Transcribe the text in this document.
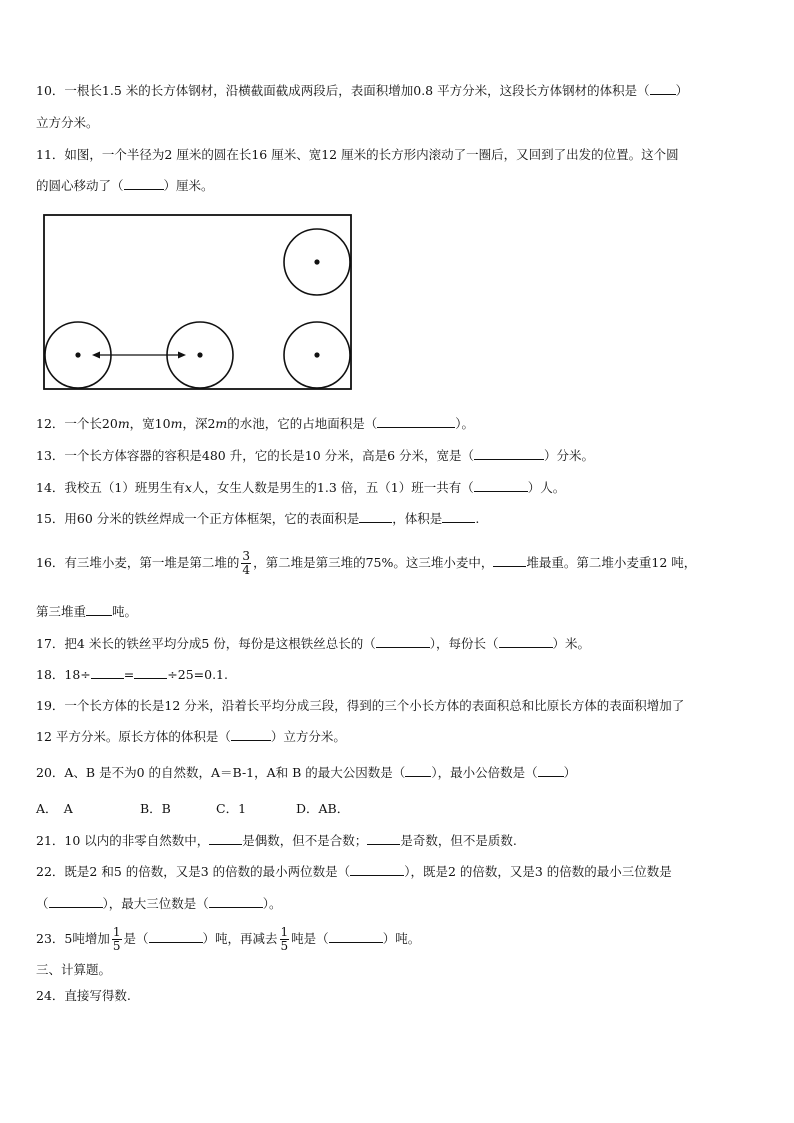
10．一根长1.5 米的长方体钢材，沿横截面截成两段后，表面积增加0.8 平方分米，这段长方体钢材的体积是（ ）
立方分米。
11．如图，一个半径为2 厘米的圆在长16 厘米、宽12 厘米的长方形内滚动了一圈后，又回到了出发的位置。这个圆
的圆心移动了（	）厘米。
12．一个长20m，宽10m，深2m的水池，它的占地面积是（	）。
13．一个长方体容器的容积是480 升，它的长是10 分米，高是6 分米，宽是（	）分米。
14．我校五（1）班男生有x人，女生人数是男生的1.3 倍，五（1）班一共有（	）人。
15．用60 分米的铁丝焊成一个正方体框架，它的表面积是	，体积是	.
16．有三堆小麦，第一堆是第二堆的 $\frac{3}{4}$ ，第二堆是第三堆的75%。这三堆小麦中，	堆最重。第二堆小麦重12 吨，
第三堆重 吨。
17．把4 米长的铁丝平均分成5 份，每份是这根铁丝总长的（	），每份长（	）米。
18．18÷	=	÷25=0.1.
19．一个长方体的长是12 分米，沿着长平均分成三段，得到的三个小长方体的表面积总和比原长方体的表面积增加了
12 平方分米。原长方体的体积是（	）立方分米。
20．A、B 是不为0 的自然数，A＝B-1，A和 B 的最大公因数是（ ），最小公倍数是（ ）
A．　A	B．B	C．1	D．AB．
21．10 以内的非零自然数中，	是偶数，但不是合数；	是奇数，但不是质数.
22．既是2 和5 的倍数，又是3 的倍数的最小两位数是（	），既是2 的倍数，又是3 的倍数的最小三位数是
（	），最大三位数是（	）。
23．5吨增加 $\frac{1}{5}$ 是（	）吨，再减去 $\frac{1}{5}$ 吨是（	）吨。
三、计算题。
24．直接写得数.
